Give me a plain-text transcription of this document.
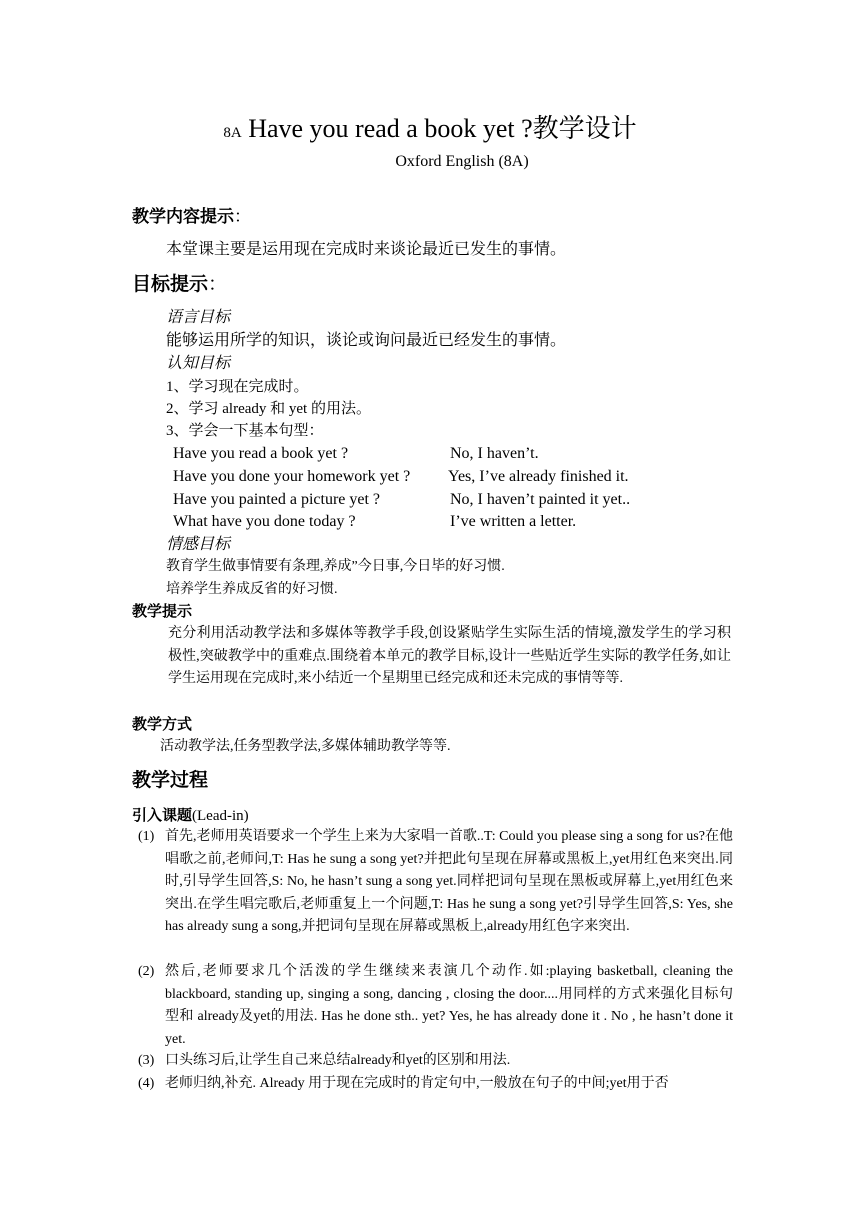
8A Have you read a book yet ?教学设计
Oxford English (8A)
教学内容提示：
本堂课主要是运用现在完成时来谈论最近已发生的事情。
目标提示：
语言目标
能够运用所学的知识，谈论或询问最近已经发生的事情。
认知目标
1、学习现在完成时。
2、学习 already 和 yet 的用法。
3、学会一下基本句型：
Have you read a book yet ?	No, I haven’t.
Have you done your homework yet ? Yes, I’ve already finished it.
Have you painted a picture yet ?	No, I haven’t painted it yet..
What have you done today ?	I’ve written a letter.
情感目标
教育学生做事情要有条理,养成”今日事,今日毕的好习惯.
培养学生养成反省的好习惯.
教学提示
充分利用活动教学法和多媒体等教学手段,创设紧贴学生实际生活的情境,激发学生的学习积极性,突破教学中的重难点.围绕着本单元的教学目标,设计一些贴近学生实际的教学任务,如让学生运用现在完成时,来小结近一个星期里已经完成和还未完成的事情等等.
教学方式
活动教学法,任务型教学法,多媒体辅助教学等等.
教学过程
引入课题(Lead-in)
(1) 首先,老师用英语要求一个学生上来为大家唱一首歌..T: Could you please sing a song for us?在他唱歌之前,老师问,T: Has he sung a song yet?并把此句呈现在屏幕或黑板上,yet用红色来突出.同时,引导学生回答,S: No, he hasn’t sung a song yet.同样把词句呈现在黑板或屏幕上,yet用红色来突出.在学生唱完歌后,老师重复上一个问题,T: Has he sung a song yet?引导学生回答,S: Yes, she has already sung a song,并把词句呈现在屏幕或黑板上,already用红色字来突出.
(2) 然后,老师要求几个活泼的学生继续来表演几个动作.如:playing basketball, cleaning the blackboard, standing up, singing a song, dancing , closing the door....用同样的方式来强化目标句型和 already及yet的用法. Has he done sth.. yet? Yes, he has already done it . No , he hasn’t done it yet.
(3) 口头练习后,让学生自己来总结already和yet的区别和用法.
(4) 老师归纳,补充. Already 用于现在完成时的肯定句中,一般放在句子的中间;yet用于否
